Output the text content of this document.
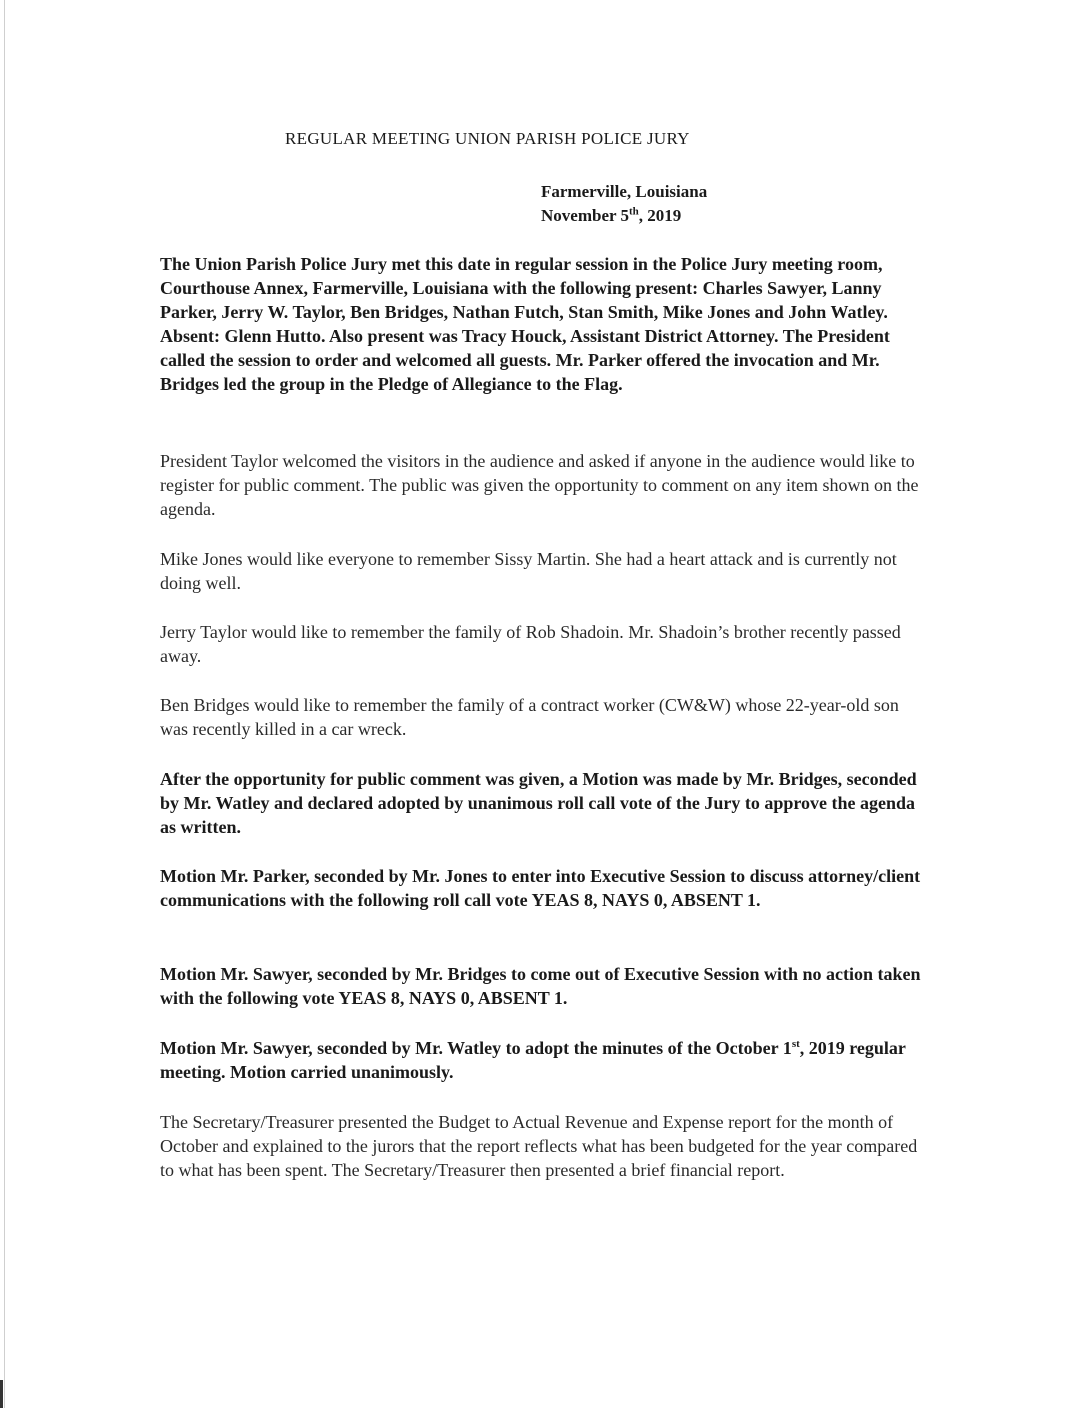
REGULAR MEETING UNION PARISH POLICE JURY
Farmerville, Louisiana
November 5th, 2019

The Union Parish Police Jury met this date in regular session in the Police Jury meeting room, Courthouse Annex, Farmerville, Louisiana with the following present: Charles Sawyer, Lanny Parker, Jerry W. Taylor, Ben Bridges, Nathan Futch, Stan Smith, Mike Jones and John Watley. Absent: Glenn Hutto. Also present was Tracy Houck, Assistant District Attorney. The President called the session to order and welcomed all guests. Mr. Parker offered the invocation and Mr. Bridges led the group in the Pledge of Allegiance to the Flag.

President Taylor welcomed the visitors in the audience and asked if anyone in the audience would like to register for public comment. The public was given the opportunity to comment on any item shown on the agenda.

Mike Jones would like everyone to remember Sissy Martin. She had a heart attack and is currently not doing well.

Jerry Taylor would like to remember the family of Rob Shadoin. Mr. Shadoin’s brother recently passed away.

Ben Bridges would like to remember the family of a contract worker (CW&W) whose 22-year-old son was recently killed in a car wreck.

After the opportunity for public comment was given, a Motion was made by Mr. Bridges, seconded by Mr. Watley and declared adopted by unanimous roll call vote of the Jury to approve the agenda as written.

Motion Mr. Parker, seconded by Mr. Jones to enter into Executive Session to discuss attorney/client communications with the following roll call vote YEAS 8, NAYS 0, ABSENT 1.

Motion Mr. Sawyer, seconded by Mr. Bridges to come out of Executive Session with no action taken with the following vote YEAS 8, NAYS 0, ABSENT 1.

Motion Mr. Sawyer, seconded by Mr. Watley to adopt the minutes of the October 1st, 2019 regular meeting. Motion carried unanimously.

The Secretary/Treasurer presented the Budget to Actual Revenue and Expense report for the month of October and explained to the jurors that the report reflects what has been budgeted for the year compared to what has been spent. The Secretary/Treasurer then presented a brief financial report.
